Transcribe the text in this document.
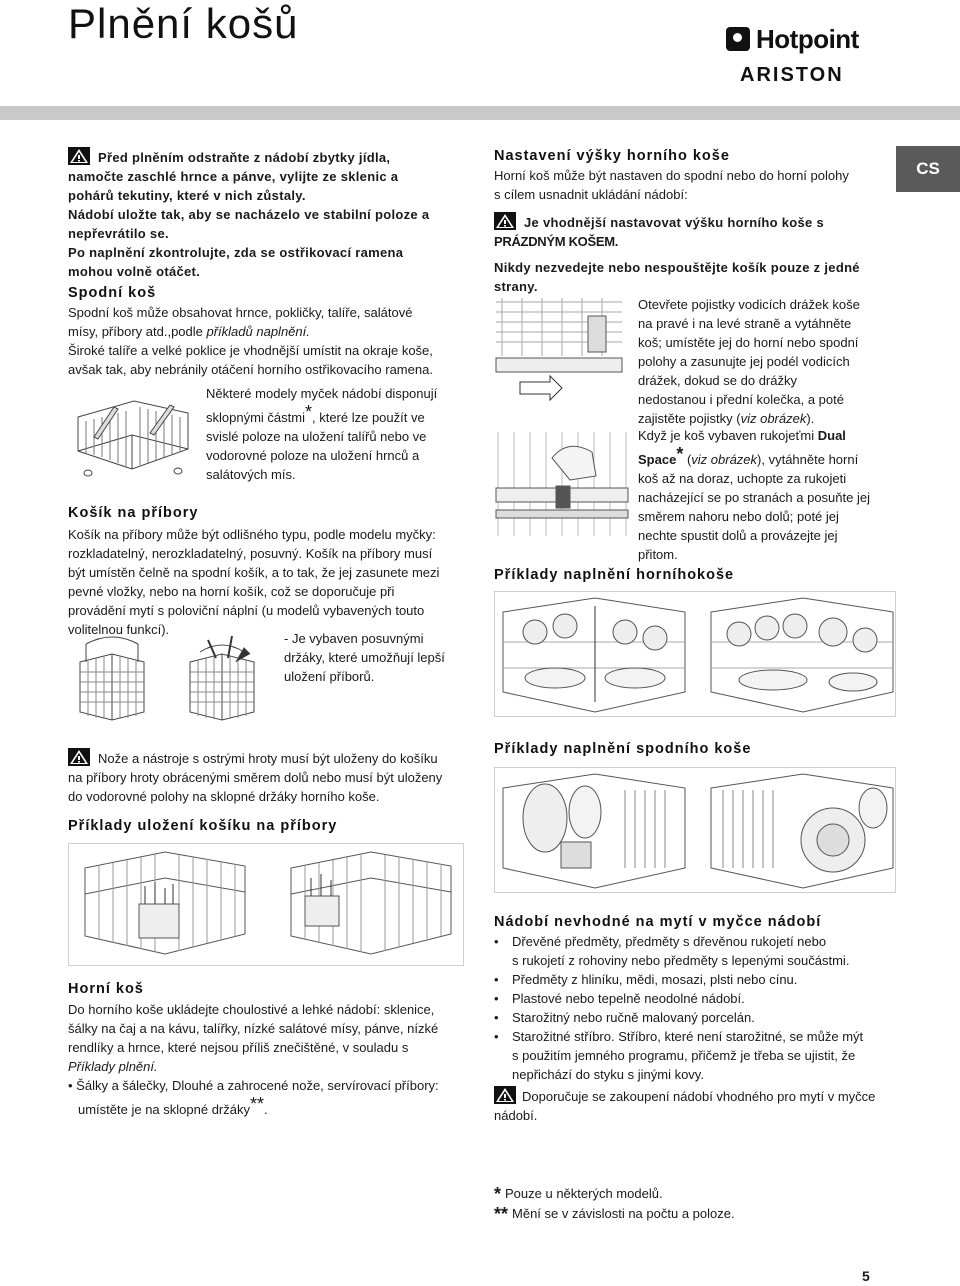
Plnění košů	Hotpoint
ARISTON
CS
Před plněním odstraňte z nádobí zbytky jídla,
namočte zaschlé hrnce a pánve, vylijte ze sklenic a
pohárů tekutiny, které v nich zůstaly.
Nádobí uložte tak, aby se nacházelo ve stabilní poloze a
nepřevrátilo se.
Po naplnění zkontrolujte, zda se ostřikovací ramena
mohou volně otáčet.
Spodní koš
Spodní koš může obsahovat hrnce, pokličky, talíře, salátové
mísy, příbory atd.,podle příkladů naplnění.
Široké talíře a velké poklice je vhodnější umístit na okraje koše,
avšak tak, aby nebránily otáčení horního ostřikovacího ramena.
Některé modely myček nádobí disponují
sklopnými částmi*, které lze použít ve
svislé poloze na uložení talířů nebo ve
vodorovné poloze na uložení hrnců a
salátových mís.
Košík na příbory
Košík na příbory může být odlišného typu, podle modelu myčky:
rozkladatelný, nerozkladatelný, posuvný. Košík na příbory musí
být umístěn čelně na spodní košík, a to tak, že jej zasunete mezi
pevné vložky, nebo na horní košík, což se doporučuje při
provádění mytí s poloviční náplní (u modelů vybavených touto
volitelnou funkcí).
- Je vybaven posuvnými
držáky, které umožňují lepší
uložení příborů.
Nože a nástroje s ostrými hroty musí být uloženy do košíku
na příbory hroty obrácenými směrem dolů nebo musí být uloženy
do vodorovné polohy na sklopné držáky horního koše.
Příklady uložení košíku na příbory
Horní koš
Do horního koše ukládejte choulostivé a lehké nádobí: sklenice,
šálky na čaj a na kávu, talířky, nízké salátové mísy, pánve, nízké
rendlíky a hrnce, které nejsou příliš znečištěné, v souladu s
Příklady plnění.
• Šálky a šálečky, Dlouhé a zahrocené nože, servírovací příbory:
umístěte je na sklopné držáky**.
Nastavení výšky horního koše
Horní koš může být nastaven do spodní nebo do horní polohy
s cílem usnadnit ukládání nádobí:
Je vhodnější nastavovat výšku horního koše s
PRÁZDNÝM KOŠEM.
Nikdy nezvedejte nebo nespouštějte košík pouze z jedné
strany.
Otevřete pojistky vodicích drážek koše
na pravé i na levé straně a vytáhněte
koš; umístěte jej do horní nebo spodní
polohy a zasunujte jej podél vodicích
drážek, dokud se do drážky
nedostanou i přední kolečka, a poté
zajistěte pojistky (viz obrázek).
Když je koš vybaven rukojeťmi Dual
Space* (viz obrázek), vytáhněte horní
koš až na doraz, uchopte za rukojeti
nacházející se po stranách a posuňte jej
směrem nahoru nebo dolů; poté jej
nechte spustit dolů a provázejte jej
přitom.
Příklady naplnění horníhokoše
Příklady naplnění spodního koše
Nádobí nevhodné na mytí v myčce nádobí
• Dřevěné předměty, předměty s dřevěnou rukojetí nebo
s rukojetí z rohoviny nebo předměty s lepenými součástmi.
• Předměty z hliníku, mědi, mosazi, plsti nebo cínu.
• Plastové nebo tepelně neodolné nádobí.
• Starožitný nebo ručně malovaný porcelán.
• Starožitné stříbro. Stříbro, které není starožitné, se může mýt
s použitím jemného programu, přičemž je třeba se ujistit, že
nepřichází do styku s jinými kovy.
Doporučuje se zakoupení nádobí vhodného pro mytí v myčce
nádobí.
* Pouze u některých modelů.
** Mění se v závislosti na počtu a poloze.
5
